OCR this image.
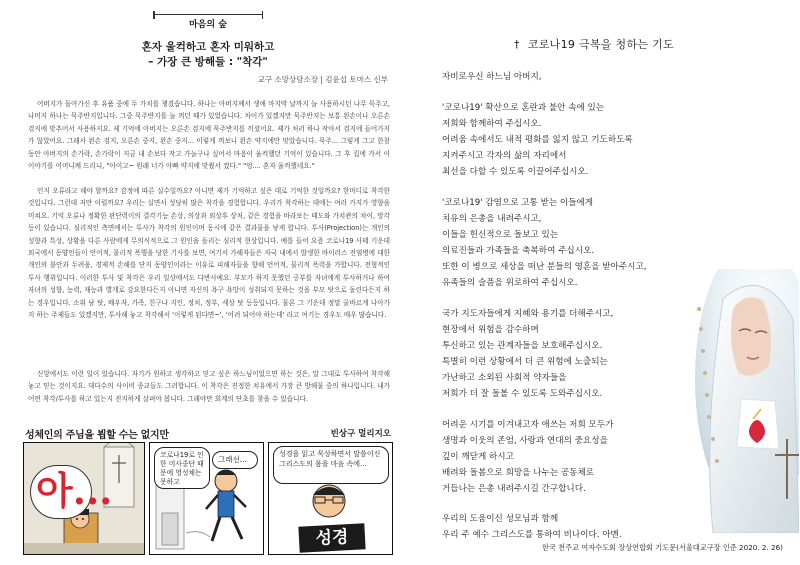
마음의 숲
혼자 울컥하고 혼자 미워하고
– 가장 큰 방해들 : "착각"
교구 소망상담소장 | 김윤섭 토마스 신부

어버지가 돌아가신 후 유품 중에 두 가치를 챙겼습니다. 하나는 아버지께서 생애 마지막 날까지 늘 사용하시던 나무 묵주고, 나머지 하나는 묵주반지입니다. 그중 묵주반지를 늘 껴던 때가 있었습니다. 차이가 있겠지만 묵주반지는 보통 왼손이나 오른손 검지에 맞추어서 사용하지요. 제 기억에 아버지는 오른손 검지에 묵주반지를 끼셨어요. 제가 처러 하나 작아서 검지에 들어가지가 않았어요. 그래서 왼손 검지, 오른손 중지, 왼손 중지... 이렇게 껴보니 왼손 약지에만 맞았습니다. 묵주... 그렇게 그고 한참동안 아버지의 손가락, 손가락이 지금 내 손보다 작고 가늘구나 싶어서 마음이 울컥했던 기억이 있습니다. 그 후 집에 가서 이 이야기를 어머니께 드리니, "아이고~ 원래 너가 아빠 약지에 맞췄서 껐다." "엉.... 혼자 울컥했네요."

인지 오류라고 해야 할까요? 감정에 따른 실수일까요? 아니면 제가 기억하고 싶은 대로 기억한 것일까요? 한마디로 착각한 것입니다. 그런데 저만 이럴까요? 우리는 실면서 성당히 많은 착각을 경험합니다. 우리가 착각하는 데에는 여러 가지가 영향을 미쳐요. 기억 오류나 정확한 판단력이의 결각기능 손상, 의상과 외상후 상처, 같은 경험을 바라보는 태도와 가치관의 차이, 망각 등이 있습니다. 심리적인 측면에서는 투사가 착각의 원인이며 동시에 같은 결과물을 낳게 합니다. 투사(Projection)는 개인의 성향과 특성, 상황을 다른 사람에게 무의식적으로 그 원인을 돌리는 심리적 현상입니다. 예를 들어 요즘 코로나19 사태 기운데 외국에서 동양인들이 언어적, 물리적 폭행을 당한 기사를 보면, 여기서 가해자들은 자국 내에서 발생한 바이러스 전염병에 대한 개인의 불안과 두려움, 경제적 손해를 단지 동양인이라는 이유로 피해자들을 향해 언어적, 물리적 폭력을 가합니다. 전형적인 투사 행위입니다. 이러한 투사 및 착각은 우리 일상에서도 다반사예요. 부모가 하지 못했던 공부를 자녀에게 투사하거나 하여 자녀의 성향, 능력, 재능과 별개로 강요한다든지 아니면 자신의 욕구 욕망이 성취되지 못하는 것을 부모 탓으로 돌린다든지 하는 경우입니다. 소위 남 탓, 배우자, 가족, 친구나 지인, 정치, 정부, 세상 탓 등등입니다. 물론 그 기운데 정말 올바르게 나아가지 하는 주제들도 있겠지만, 투사해 놓고 착각해서 '이렇게 된다면~', '어려 되어야 하는데' 라고 여기는 경우도 매우 많습니다.

신앙에서도 이런 일이 있습니다. 자기가 원하고 생각하고 믿고 싶은 하느님이었으면 하는 것은, 말 그대로 투사하여 착각해놓고 믿는 것이지요. 대다수의 사이비 종교들도 그러합니다. 이 착각은 진정한 치유에서 가장 큰 방해물 중의 하나입니다. 내가 어떤 착각/투사를 하고 있는지 진지하게 살펴야 봅니다. 그래야만 회계의 단초를 찾을 수 있습니다.

성체인의 주님을 뵙할 수는 없지만	빈상구 멀리지오
아...
코로나19로 인한 미사중단 때문에 영성체는 못하고
그래선...
성경을 읽고 묵상하면서 말씀이신 그리스도의 몸을 마음 속에...
성경
† 코로나19 극복을 청하는 기도
자비로우신 하느님 아버지,
'코로나19' 확산으로 혼란과 불안 속에 있는
저희와 함께하여 주십시오.
어려움 속에서도 내적 평화를 잃지 않고 기도하도록
지켜주시고 각자의 삶의 자리에서
최선을 다할 수 있도록 이끌어주십시오.
'코로나19' 감염으로 고통 받는 이들에게
치유의 은총을 내려주시고,
이들을 헌신적으로 돌보고 있는
의료진들과 가족들을 축복하여 주십시오.
또한 이 병으로 세상을 떠난 분들의 영혼을 받아주시고,
유족들의 슬픔을 위로하여 주십시오.
국가 지도자들에게 지혜와 용기를 더해주시고,
현장에서 위험을 감수하며
투신하고 있는 관계자들을 보호해주십시오.
특별히 이런 상황에서 더 큰 위험에 노출되는
가난하고 소외된 사회적 약자들을
저희가 더 잘 돌볼 수 있도록 도와주십시오.
어려운 시기를 이겨내고자 애쓰는 저희 모두가
생명과 이웃의 존엄, 사랑과 연대의 중요성을
깊이 깨닫게 하시고
배려와 돌봄으로 희망을 나누는 공동체로
거듭나는 은총 내려주시길 간구합니다.
우리의 도움이신 성모님과 함께
우리 주 예수 그리스도를 통하여 비나이다. 아멘.
한국 천주교 여자수도회 장상연합회 기도문(서울대교구장 인준 2020. 2. 26)
